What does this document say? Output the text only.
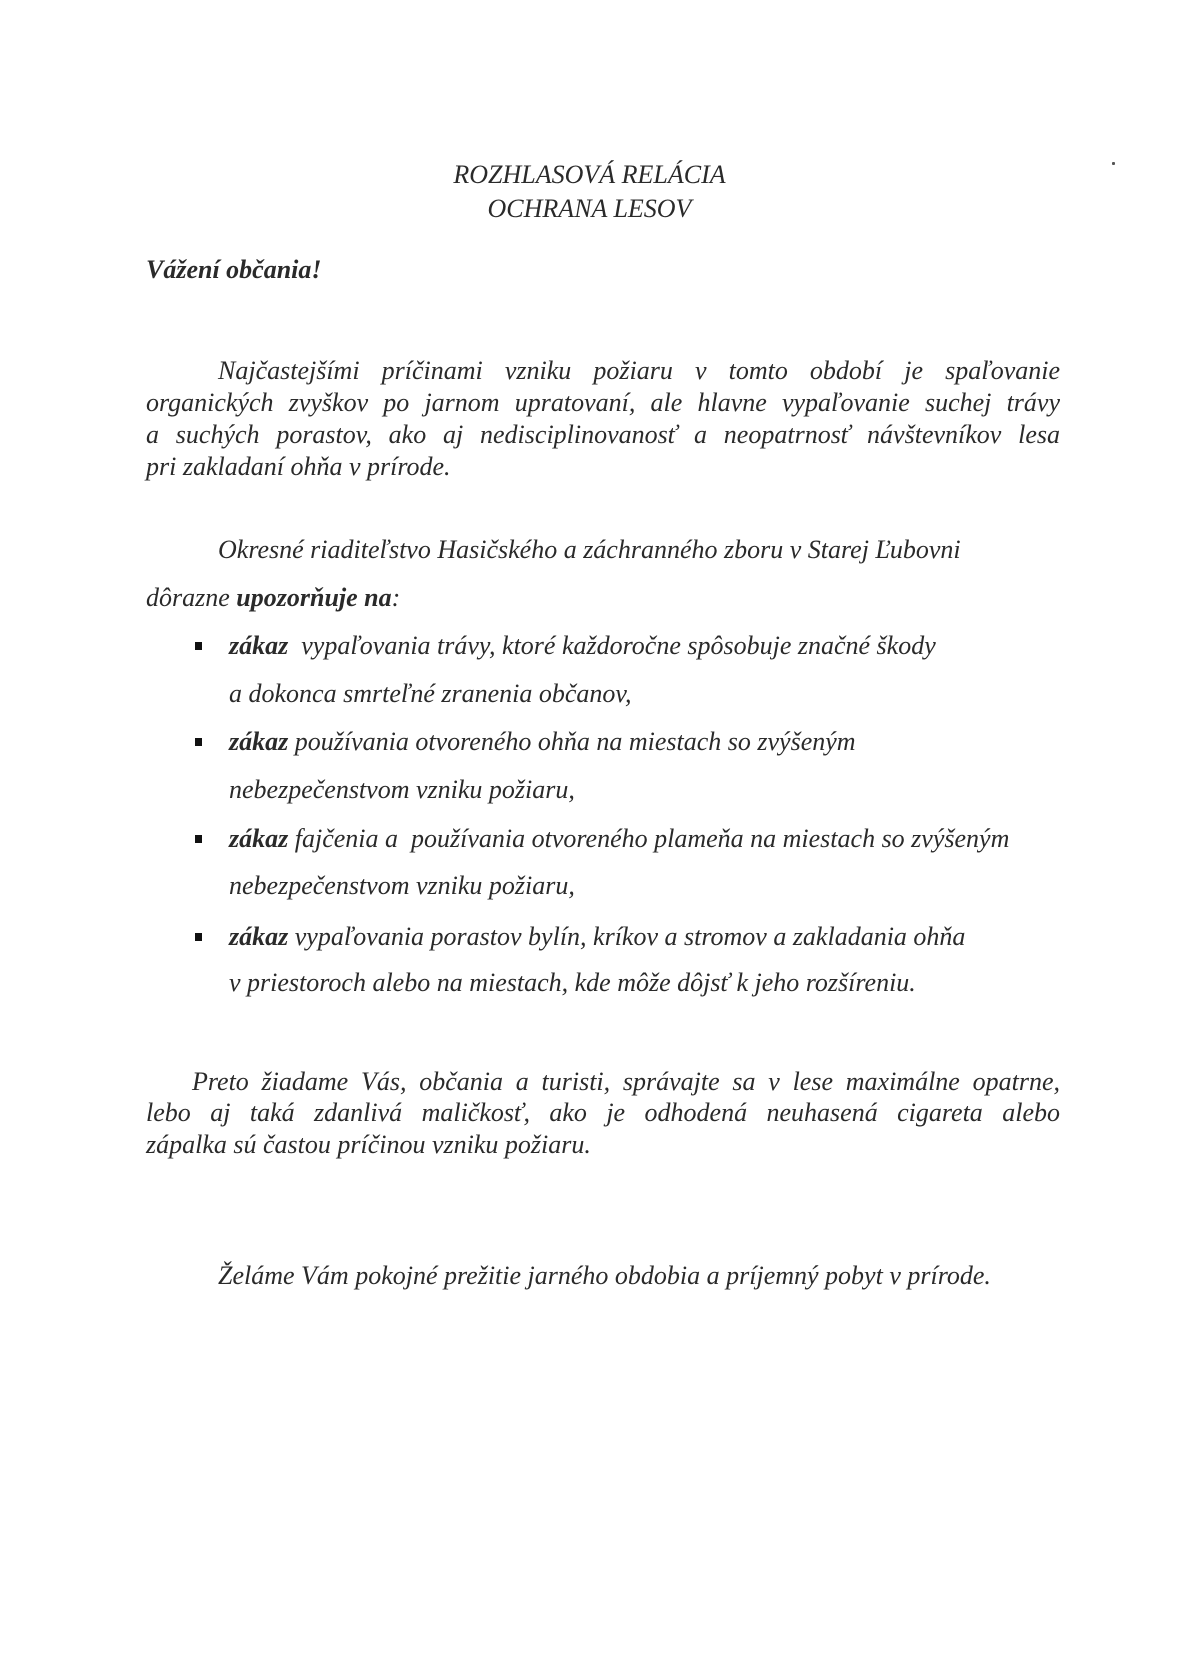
ROZHLASOVÁ RELÁCIA
OCHRANA LESOV
Vážení občania!
Najčastejšími príčinami vzniku požiaru v tomto období je spaľovanie
organických zvyškov po jarnom upratovaní, ale hlavne vypaľovanie suchej trávy
a suchých porastov, ako aj nedisciplinovanosť a neopatrnosť návštevníkov lesa
pri zakladaní ohňa v prírode.
Okresné riaditeľstvo Hasičského a záchranného zboru v Starej Ľubovni
dôrazne upozorňuje na:
zákaz  vypaľovania trávy, ktoré každoročne spôsobuje značné škody
a dokonca smrteľné zranenia občanov,
zákaz používania otvoreného ohňa na miestach so zvýšeným
nebezpečenstvom vzniku požiaru,
zákaz fajčenia a  používania otvoreného plameňa na miestach so zvýšeným
nebezpečenstvom vzniku požiaru,
zákaz vypaľovania porastov bylín, kríkov a stromov a zakladania ohňa
v priestoroch alebo na miestach, kde môže dôjsť k jeho rozšíreniu.
Preto žiadame Vás, občania a turisti, správajte sa v lese maximálne opatrne,
lebo aj taká zdanlivá maličkosť, ako je odhodená neuhasená cigareta alebo
zápalka sú častou príčinou vzniku požiaru.
Želáme Vám pokojné prežitie jarného obdobia a príjemný pobyt v prírode.
